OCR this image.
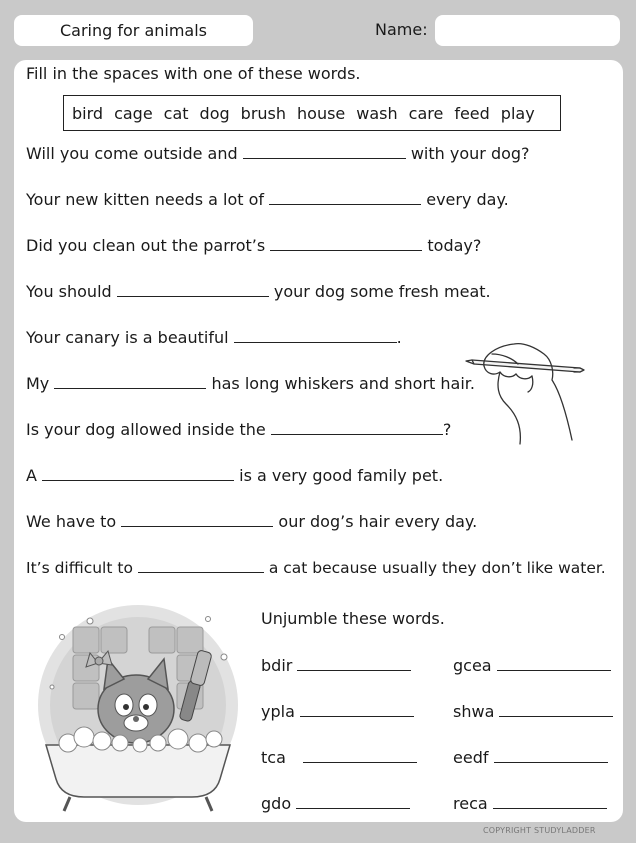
Caring for animals	Name:
Fill in the spaces with one of these words.
bird cage cat dog brush house wash care feed play
Will you come outside and	with your dog?
Your new kitten needs a lot of	every day.
Did you clean out the parrot’s	today?
You should	your dog some fresh meat.
Your canary is a beautiful	.
My	has long whiskers and short hair.
Is your dog allowed inside the	?
A	is a very good family pet.
We have to	our dog’s hair every day.
It’s difficult to	a cat because usually they don’t like water.
Unjumble these words.
bdir	gcea
ypla	shwa
tca	eedf
gdo	reca
COPYRIGHT STUDYLADDER
